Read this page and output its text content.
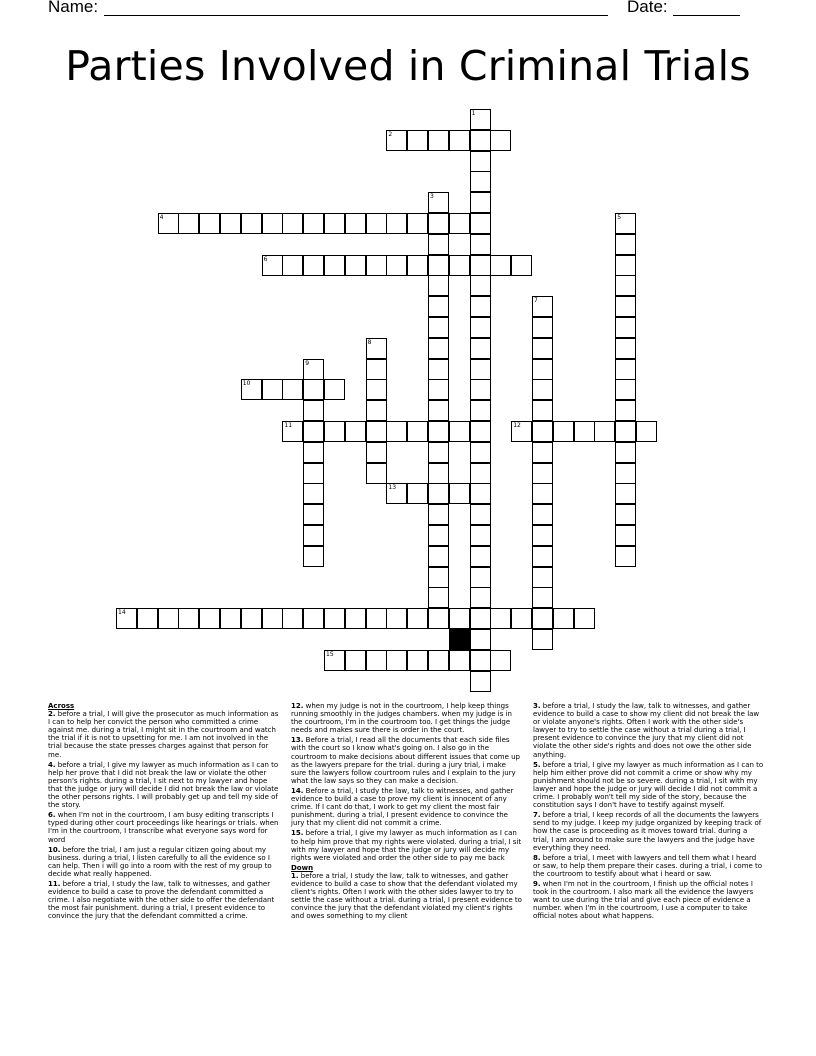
Name:	Date:
Parties Involved in Criminal Trials
1
2
3
4	5
6
7
8
9
10
11	12
13
14
15

Across

2. before a trial, I will give the prosecutor as much information as I can to help her convict the person who committed a crime against me. during a trial, I might sit in the courtroom and watch the trial if it is not to upsetting for me. I am not involved in the trial because the state presses charges against that person for me.

4. before a trial, I give my lawyer as much information as I can to help her prove that I did not break the law or violate the other person's rights. during a trial, I sit next to my lawyer and hope that the judge or jury will decide I did not break the law or violate the other persons rights. I will probably get up and tell my side of the story.

6. when I'm not in the courtroom, I am busy editing transcripts I typed during other court proceedings like hearings or trials. when I'm in the courtroom, I transcribe what everyone says word for word

10. before the trial, I am just a regular citizen going about my business. during a trial, I listen carefully to all the evidence so I can help. Then i will go into a room with the rest of my group to decide what really happened.

11. before a trial, I study the law, talk to witnesses, and gather evidence to build a case to prove the defendant committed a crime. I also negotiate with the other side to offer the defendant the most fair punishment. during a trial, I present evidence to convince the jury that the defendant committed a crime.

12. when my judge is not in the courtroom, I help keep things running smoothly in the judges chambers. when my judge is in the courtroom, I'm in the courtroom too. I get things the judge needs and makes sure there is order in the court.

13. Before a trial, I read all the documents that each side files with the court so I know what's going on. I also go in the courtroom to make decisions about different issues that come up as the lawyers prepare for the trial. during a jury trial, i make sure the lawyers follow courtroom rules and I explain to the jury what the law says so they can make a decision.

14. Before a trial, I study the law, talk to witnesses, and gather evidence to build a case to prove my client is innocent of any crime. If I cant do that, I work to get my client the most fair punishment. during a trial, I present evidence to convince the jury that my client did not commit a crime.

15. before a trial, I give my lawyer as much information as I can to help him prove that my rights were violated. during a trial, I sit with my lawyer and hope that the judge or jury will decide my rights were violated and order the other side to pay me back

Down

1. before a trial, I study the law, talk to witnesses, and gather evidence to build a case to show that the defendant violated my client's rights. Often I work with the other sides lawyer to try to settle the case without a trial. during a trial, I present evidence to convince the jury that the defendant violated my client's rights and owes something to my client

3. before a trial, I study the law, talk to witnesses, and gather evidence to build a case to show my client did not break the law or violate anyone's rights. Often I work with the other side's lawyer to try to settle the case without a trial during a trial, I present evidence to convince the jury that my client did not violate the other side's rights and does not owe the other side anything.

5. before a trial, I give my lawyer as much information as I can to help him either prove did not commit a crime or show why my punishment should not be so severe. during a trial, I sit with my lawyer and hope the judge or jury will decide I did not commit a crime. I probably won't tell my side of the story, because the constitution says I don't have to testify against myself.

7. before a trial, I keep records of all the documents the lawyers send to my judge. I keep my judge organized by keeping track of how the case is proceeding as it moves toward trial. during a trial, I am around to make sure the lawyers and the judge have everything they need.

8. before a trial, I meet with lawyers and tell them what I heard or saw, to help them prepare their cases. during a trial, i come to the courtroom to testify about what i heard or saw.

9. when I'm not in the courtroom, I finish up the official notes I took in the courtroom. I also mark all the evidence the lawyers want to use during the trial and give each piece of evidence a number. when I'm in the courtroom, I use a computer to take official notes about what happens.
